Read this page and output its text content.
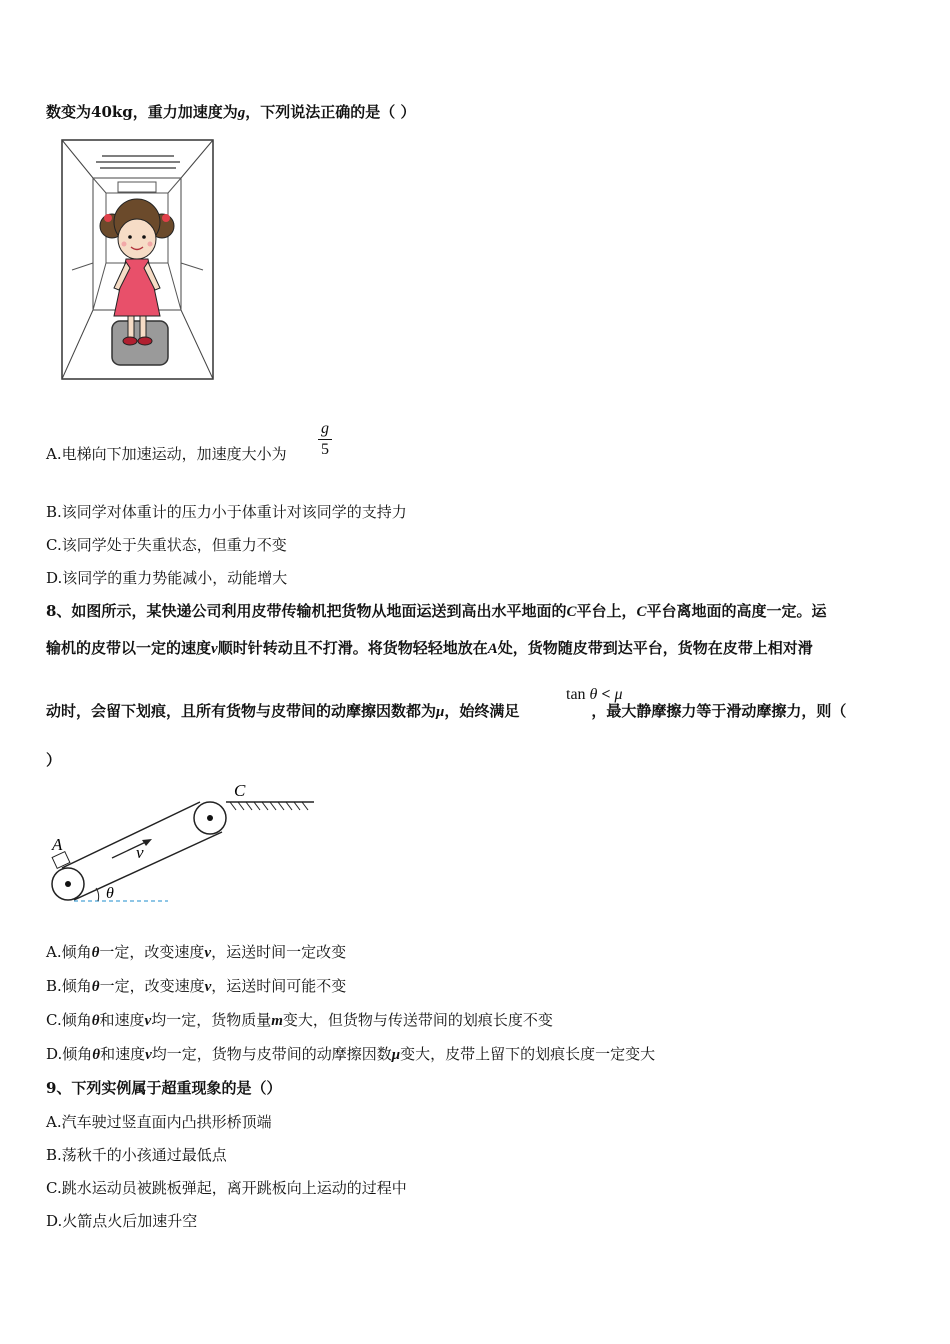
数变为40kg，重力加速度为g，下列说法正确的是（ ）
A.电梯向下加速运动，加速度大小为 $\frac{g}{5}$
B.该同学对体重计的压力小于体重计对该同学的支持力
C.该同学处于失重状态，但重力不变
D.该同学的重力势能减小，动能增大
8、如图所示，某快递公司利用皮带传输机把货物从地面运送到高出水平地面的C平台上，C平台离地面的高度一定。运
输机的皮带以一定的速度v顺时针转动且不打滑。将货物轻轻地放在A处，货物随皮带到达平台，货物在皮带上相对滑
动时，会留下划痕，且所有货物与皮带间的动摩擦因数都为μ，始终满足	，最大静摩擦力等于滑动摩擦力，则（
tan θ < μ
）
C
A	v
θ
A.倾角θ一定，改变速度v，运送时间一定改变
B.倾角θ一定，改变速度v，运送时间可能不变
C.倾角θ和速度v均一定，货物质量m变大，但货物与传送带间的划痕长度不变
D.倾角θ和速度v均一定，货物与皮带间的动摩擦因数μ变大，皮带上留下的划痕长度一定变大
9、下列实例属于超重现象的是（）
A.汽车驶过竖直面内凸拱形桥顶端
B.荡秋千的小孩通过最低点
C.跳水运动员被跳板弹起，离开跳板向上运动的过程中
D.火箭点火后加速升空
